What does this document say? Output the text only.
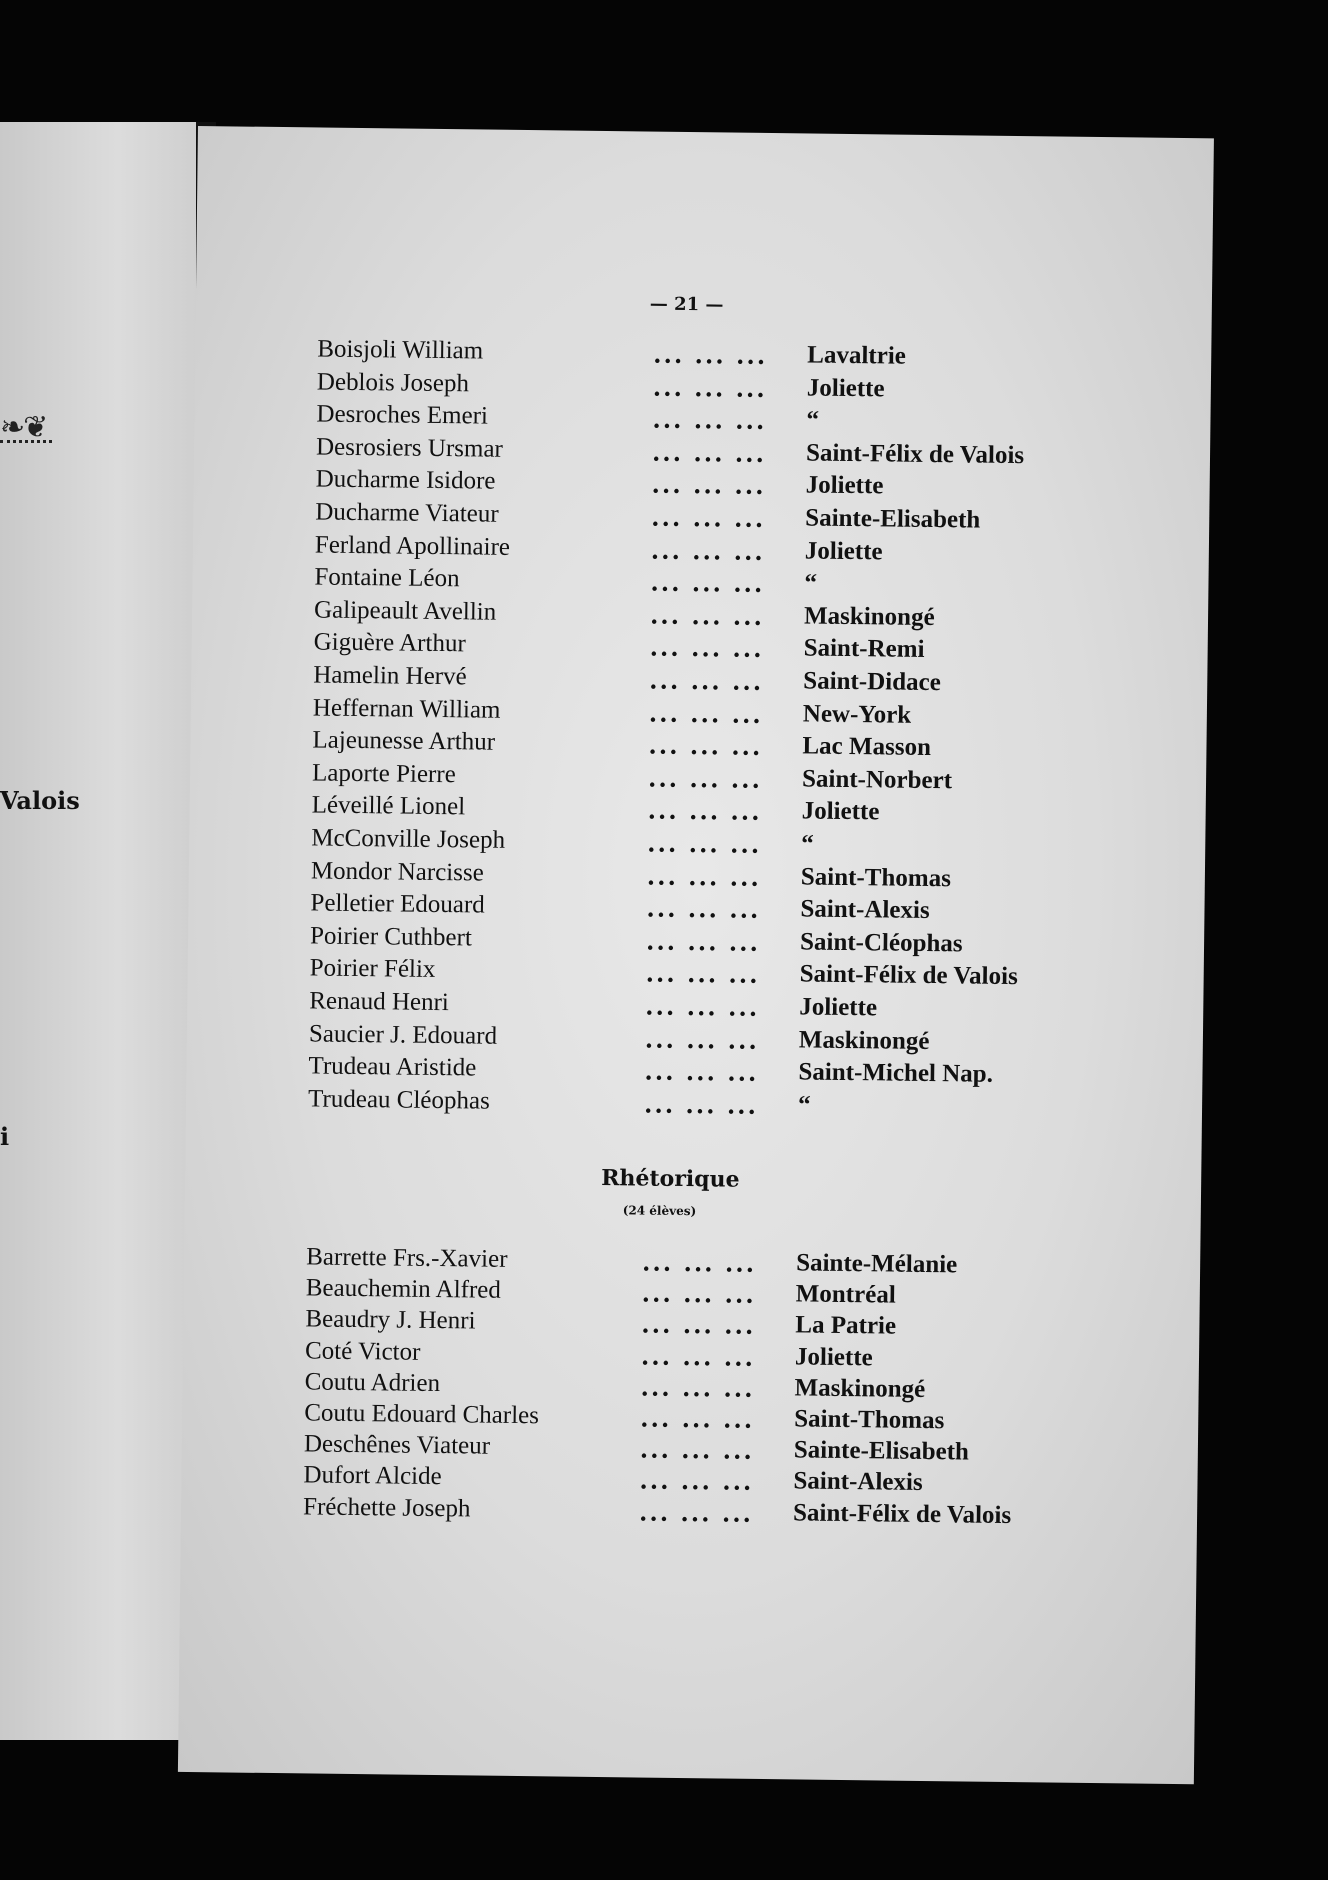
❧❦
Valois
i
— 21 —
Boisjoli William	... ... ... Lavaltrie
Deblois Joseph	... ... ... Joliette
Desroches Emeri	... ... ... “
Desrosiers Ursmar	... ... ... Saint-Félix de Valois
Ducharme Isidore	... ... ... Joliette
Ducharme Viateur	... ... ... Sainte-Elisabeth
Ferland Apollinaire	... ... ... Joliette
Fontaine Léon	... ... ... “
Galipeault Avellin	... ... ... Maskinongé
Giguère Arthur	... ... ... Saint-Remi
Hamelin Hervé	... ... ... Saint-Didace
Heffernan William	... ... ... New-York
Lajeunesse Arthur	... ... ... Lac Masson
Laporte Pierre	... ... ... Saint-Norbert
Léveillé Lionel	... ... ... Joliette
McConville Joseph	... ... ... “
Mondor Narcisse	... ... ... Saint-Thomas
Pelletier Edouard	... ... ... Saint-Alexis
Poirier Cuthbert	... ... ... Saint-Cléophas
Poirier Félix	... ... ... Saint-Félix de Valois
Renaud Henri	... ... ... Joliette
Saucier J. Edouard	... ... ... Maskinongé
Trudeau Aristide	... ... ... Saint-Michel Nap.
Trudeau Cléophas	... ... ... “
Rhétorique
(24 élèves)
Barrette Frs.-Xavier	... ... ... Sainte-Mélanie
Beauchemin Alfred	... ... ... Montréal
Beaudry J. Henri	... ... ... La Patrie
Coté Victor	... ... ... Joliette
Coutu Adrien	... ... ... Maskinongé
Coutu Edouard Charles	... ... ... Saint-Thomas
Deschênes Viateur	... ... ... Sainte-Elisabeth
Dufort Alcide	... ... ... Saint-Alexis
Fréchette Joseph	... ... ... Saint-Félix de Valois
